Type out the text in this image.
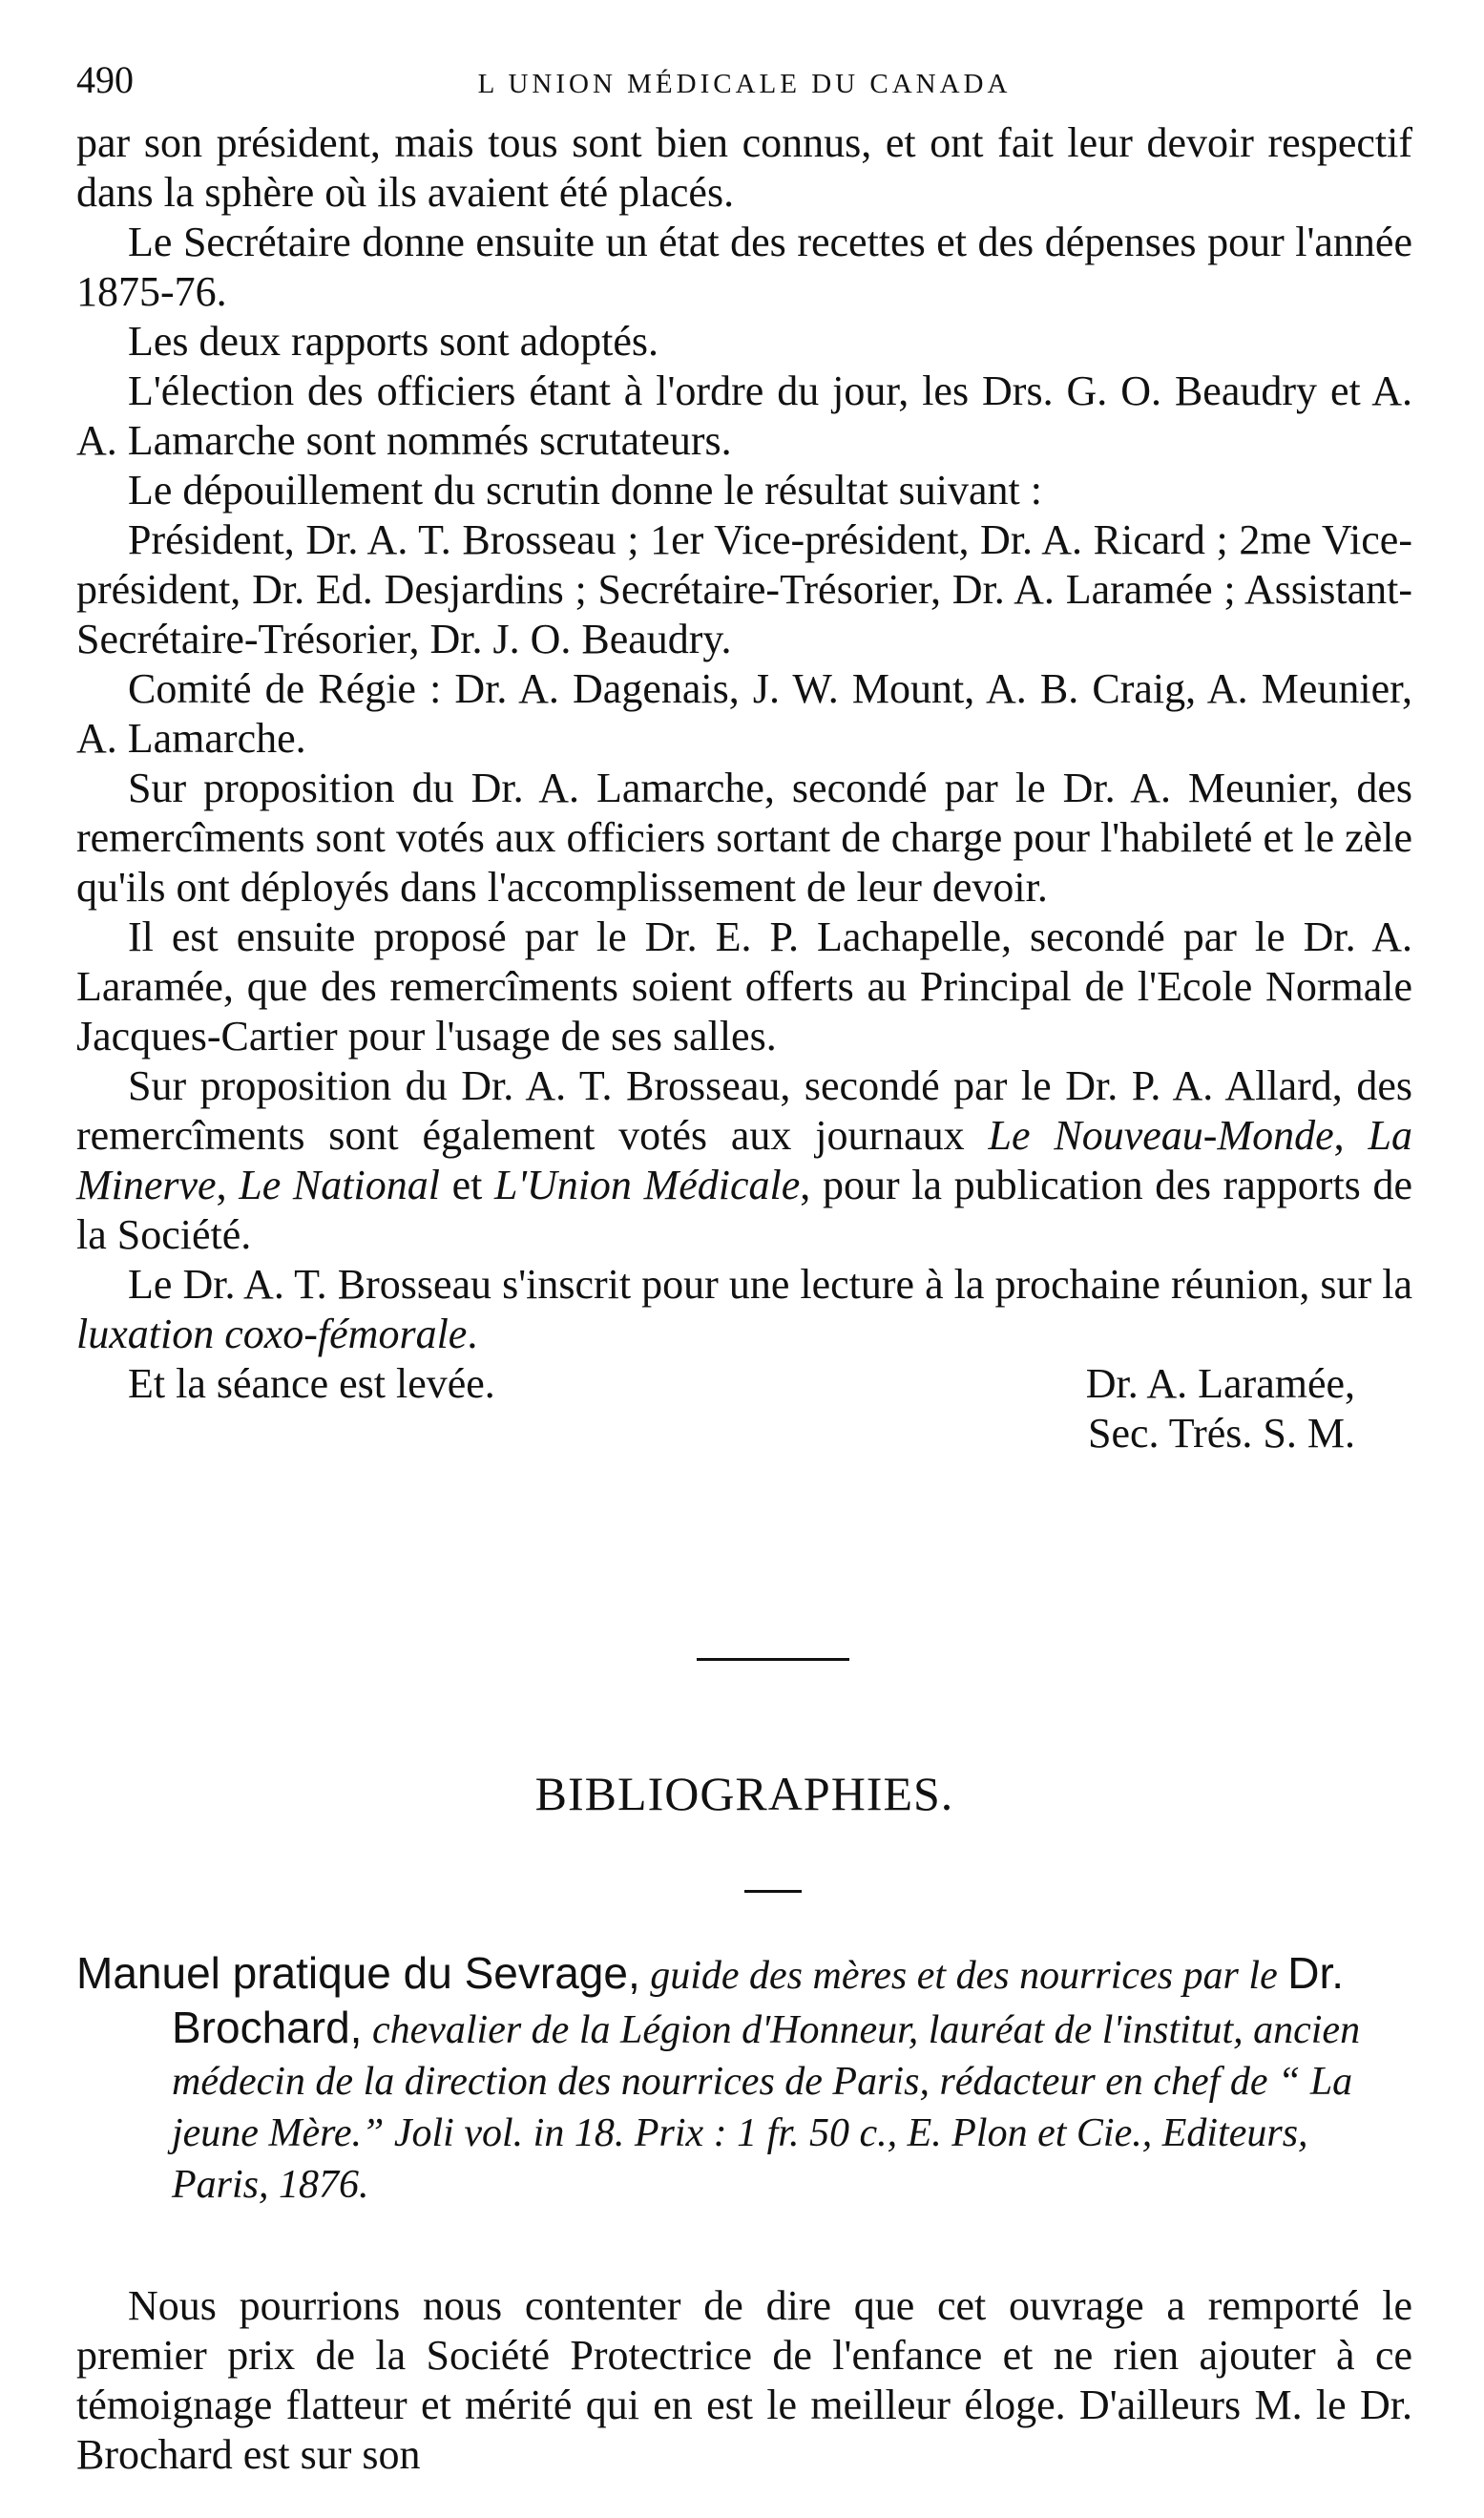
490	L UNION MÉDICALE DU CANADA

par son président, mais tous sont bien connus, et ont fait leur devoir respectif dans la sphère où ils avaient été placés.

Le Secrétaire donne ensuite un état des recettes et des dépenses pour l'année 1875-76.

Les deux rapports sont adoptés.

L'élection des officiers étant à l'ordre du jour, les Drs. G. O. Beaudry et A. A. Lamarche sont nommés scrutateurs.

Le dépouillement du scrutin donne le résultat suivant :

Président, Dr. A. T. Brosseau ; 1er Vice-président, Dr. A. Ricard ; 2me Vice-président, Dr. Ed. Desjardins ; Secrétaire-Trésorier, Dr. A. Laramée ; Assistant-Secrétaire-Trésorier, Dr. J. O. Beaudry.

Comité de Régie : Dr. A. Dagenais, J. W. Mount, A. B. Craig, A. Meunier, A. Lamarche.

Sur proposition du Dr. A. Lamarche, secondé par le Dr. A. Meunier, des remercîments sont votés aux officiers sortant de charge pour l'habileté et le zèle qu'ils ont déployés dans l'accomplissement de leur devoir.

Il est ensuite proposé par le Dr. E. P. Lachapelle, secondé par le Dr. A. Laramée, que des remercîments soient offerts au Principal de l'Ecole Normale Jacques-Cartier pour l'usage de ses salles.

Sur proposition du Dr. A. T. Brosseau, secondé par le Dr. P. A. Allard, des remercîments sont également votés aux journaux Le Nouveau-Monde, La Minerve, Le National et L'Union Médicale, pour la publication des rapports de la Société.

Le Dr. A. T. Brosseau s'inscrit pour une lecture à la prochaine réunion, sur la luxation coxo-fémorale.

Et la séance est levée.	Dr. A. Laramée,

Sec. Trés. S. M.

BIBLIOGRAPHIES.

Manuel pratique du Sevrage, guide des mères et des nourrices par le Dr. Brochard, chevalier de la Légion d'Honneur, lauréat de l'institut, ancien médecin de la direction des nourrices de Paris, rédacteur en chef de “ La jeune Mère.” Joli vol. in 18. Prix : 1 fr. 50 c., E. Plon et Cie., Editeurs, Paris, 1876.

Nous pourrions nous contenter de dire que cet ouvrage a remporté le premier prix de la Société Protectrice de l'enfance et ne rien ajouter à ce témoignage flatteur et mérité qui en est le meilleur éloge. D'ailleurs M. le Dr. Brochard est sur son
